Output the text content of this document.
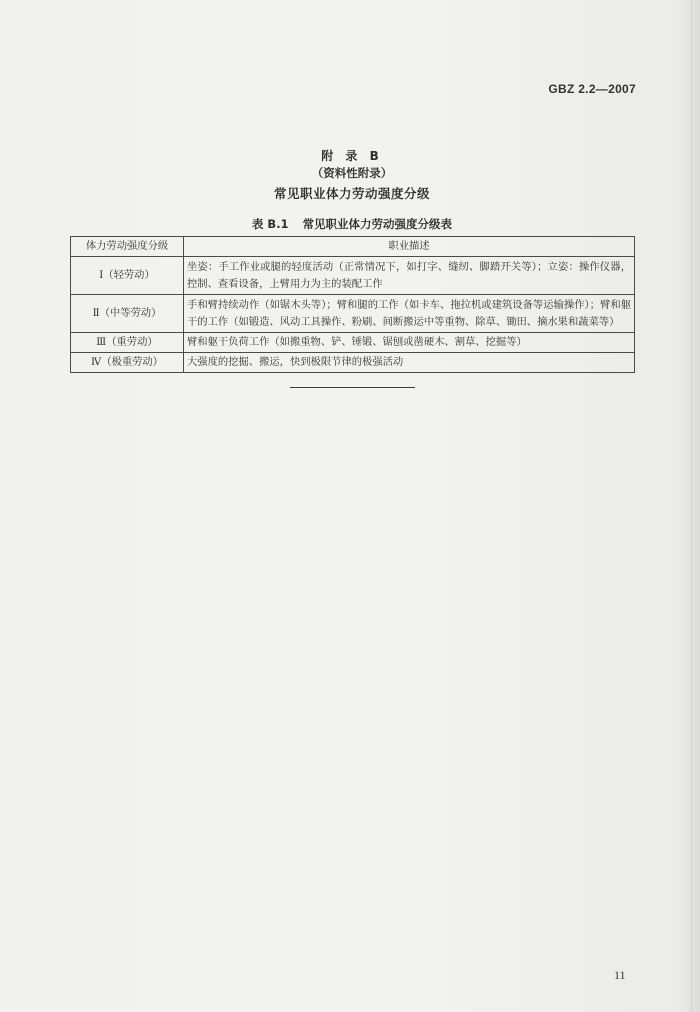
GBZ 2.2—2007
附 录 B
（资料性附录）
常见职业体力劳动强度分级
表 B.1 常见职业体力劳动强度分级表
体力劳动强度分级	职业描述
Ⅰ（轻劳动）	坐姿：手工作业或腿的轻度活动（正常情况下，如打字、缝纫、脚踏开关等）；立姿：操作仪器，控制、查看设备，上臂用力为主的装配工作
Ⅱ（中等劳动）	手和臂持续动作（如锯木头等）；臂和腿的工作（如卡车、拖拉机或建筑设备等运输操作）；臂和躯干的工作（如锻造、风动工具操作、粉刷、间断搬运中等重物、除草、锄田、摘水果和蔬菜等）
Ⅲ（重劳动）	臂和躯干负荷工作（如搬重物、铲、锤锻、锯刨或凿硬木、割草、挖掘等）
Ⅳ（极重劳动）	大强度的挖掘、搬运，快到极限节律的极强活动
11
